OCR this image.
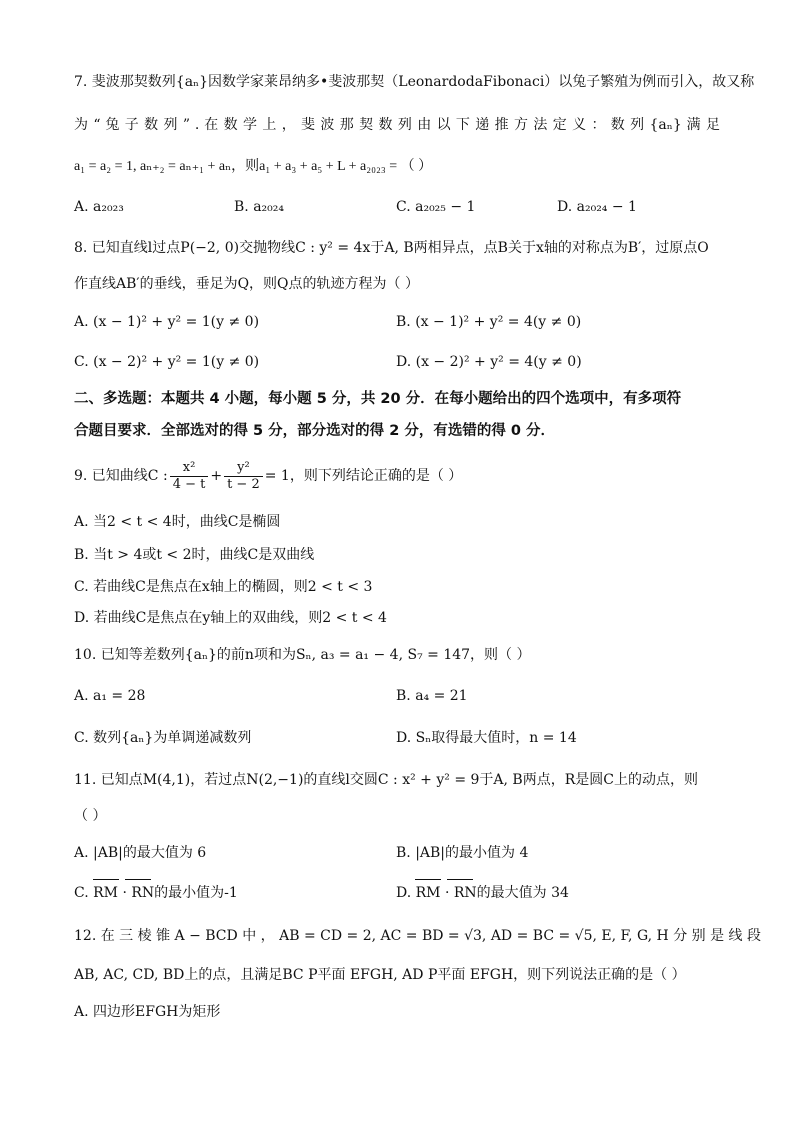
7. 斐波那契数列{aₙ}因数学家莱昂纳多•斐波那契（LeonardodaFibonaci）以兔子繁殖为例而引入，故又称
为 “ 兔 子 数 列 ” . 在 数 学 上 ， 斐 波 那 契 数 列 由 以 下 递 推 方 法 定 义 ： 数 列 {aₙ} 满 足
a₁ = a₂ = 1, aₙ₊₂ = aₙ₊₁ + aₙ，则a₁ + a₃ + a₅ + L + a₂₀₂₃ = （ ）
A. a₂₀₂₃	B. a₂₀₂₄	C. a₂₀₂₅ − 1	D. a₂₀₂₄ − 1
8. 已知直线l过点P(−2, 0)交抛物线C : y² = 4x于A, B两相异点，点B关于x轴的对称点为B′，过原点O
作直线AB′的垂线，垂足为Q，则Q点的轨迹方程为（ ）
A. (x − 1)² + y² = 1(y ≠ 0)	B. (x − 1)² + y² = 4(y ≠ 0)
C. (x − 2)² + y² = 1(y ≠ 0)	D. (x − 2)² + y² = 4(y ≠ 0)
二、多选题：本题共 4 小题，每小题 5 分，共 20 分．在每小题给出的四个选项中，有多项符
合题目要求．全部选对的得 5 分，部分选对的得 2 分，有选错的得 0 分．
9. 已知曲线C : $\frac{\text{x²}}{4 - t} + \frac{\text{y²}}{t - 2} = 1$，则下列结论正确的是（ ）
A. 当2 < t < 4时，曲线C是椭圆
B. 当t > 4或t < 2时，曲线C是双曲线
C. 若曲线C是焦点在x轴上的椭圆，则2 < t < 3
D. 若曲线C是焦点在y轴上的双曲线，则2 < t < 4
10. 已知等差数列{aₙ}的前n项和为Sₙ, a₃ = a₁ − 4, S₇ = 147，则（ ）
A. a₁ = 28	B. a₄ = 21
C. 数列{aₙ}为单调递减数列	D. Sₙ取得最大值时，n = 14
11. 已知点M(4,1)，若过点N(2,−1)的直线l交圆C : x² + y² = 9于A, B两点，R是圆C上的动点，则
（ ）
A. |AB|的最大值为 6	B. |AB|的最小值为 4
C. RM · RN的最小值为-1	D. RM · RN的最大值为 34
12. 在 三 棱 锥 A − BCD 中 ， AB = CD = 2, AC = BD = √3, AD = BC = √5, E, F, G, H 分 别 是 线 段
AB, AC, CD, BD上的点，且满足BC P平面 EFGH, AD P平面 EFGH，则下列说法正确的是（ ）
A. 四边形EFGH为矩形
